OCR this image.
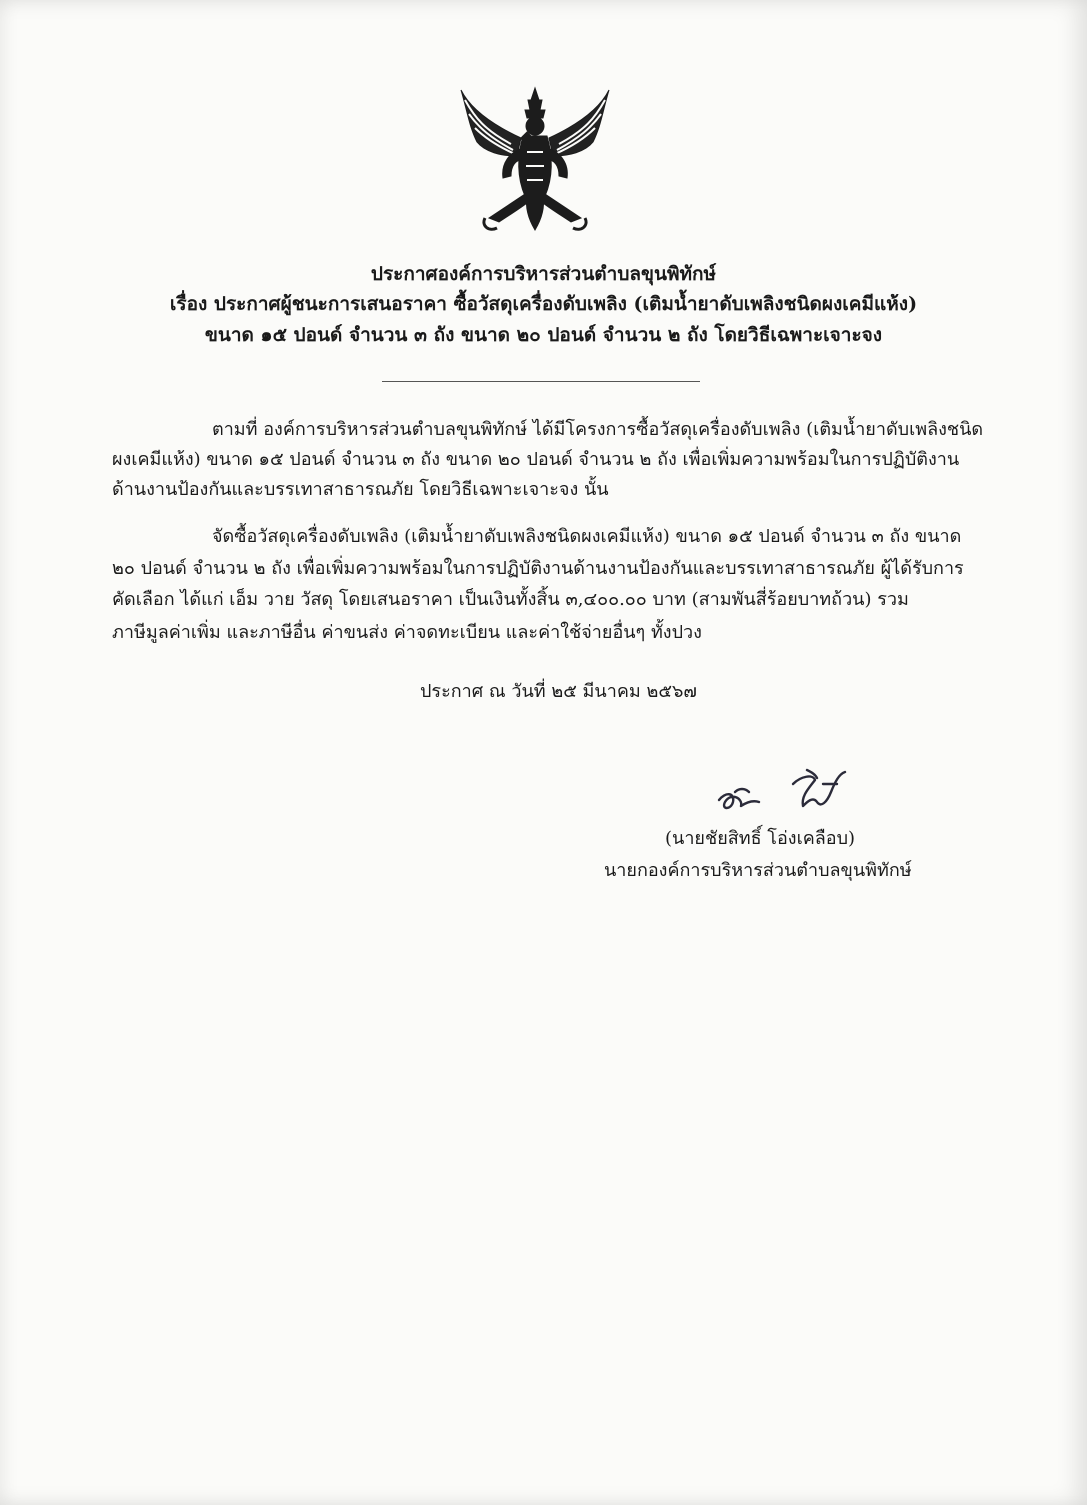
ประกาศองค์การบริหารส่วนตำบลขุนพิทักษ์
เรื่อง ประกาศผู้ชนะการเสนอราคา ซื้อวัสดุเครื่องดับเพลิง (เติมน้ำยาดับเพลิงชนิดผงเคมีแห้ง)
ขนาด ๑๕ ปอนด์ จำนวน ๓ ถัง ขนาด ๒๐ ปอนด์ จำนวน ๒ ถัง โดยวิธีเฉพาะเจาะจง
ตามที่ องค์การบริหารส่วนตำบลขุนพิทักษ์ ได้มีโครงการซื้อวัสดุเครื่องดับเพลิง (เติมน้ำยาดับเพลิงชนิด
ผงเคมีแห้ง) ขนาด ๑๕ ปอนด์ จำนวน ๓ ถัง ขนาด ๒๐ ปอนด์ จำนวน ๒ ถัง เพื่อเพิ่มความพร้อมในการปฏิบัติงาน
ด้านงานป้องกันและบรรเทาสาธารณภัย โดยวิธีเฉพาะเจาะจง นั้น
จัดซื้อวัสดุเครื่องดับเพลิง (เติมน้ำยาดับเพลิงชนิดผงเคมีแห้ง) ขนาด ๑๕ ปอนด์ จำนวน ๓ ถัง ขนาด
๒๐ ปอนด์ จำนวน ๒ ถัง เพื่อเพิ่มความพร้อมในการปฏิบัติงานด้านงานป้องกันและบรรเทาสาธารณภัย ผู้ได้รับการ
คัดเลือก ได้แก่ เอ็ม วาย วัสดุ โดยเสนอราคา เป็นเงินทั้งสิ้น ๓,๔๐๐.๐๐ บาท (สามพันสี่ร้อยบาทถ้วน) รวม
ภาษีมูลค่าเพิ่ม และภาษีอื่น ค่าขนส่ง ค่าจดทะเบียน และค่าใช้จ่ายอื่นๆ ทั้งปวง
ประกาศ ณ วันที่ ๒๕ มีนาคม ๒๕๖๗
(นายชัยสิทธิ์ โอ่งเคลือบ)
นายกองค์การบริหารส่วนตำบลขุนพิทักษ์
